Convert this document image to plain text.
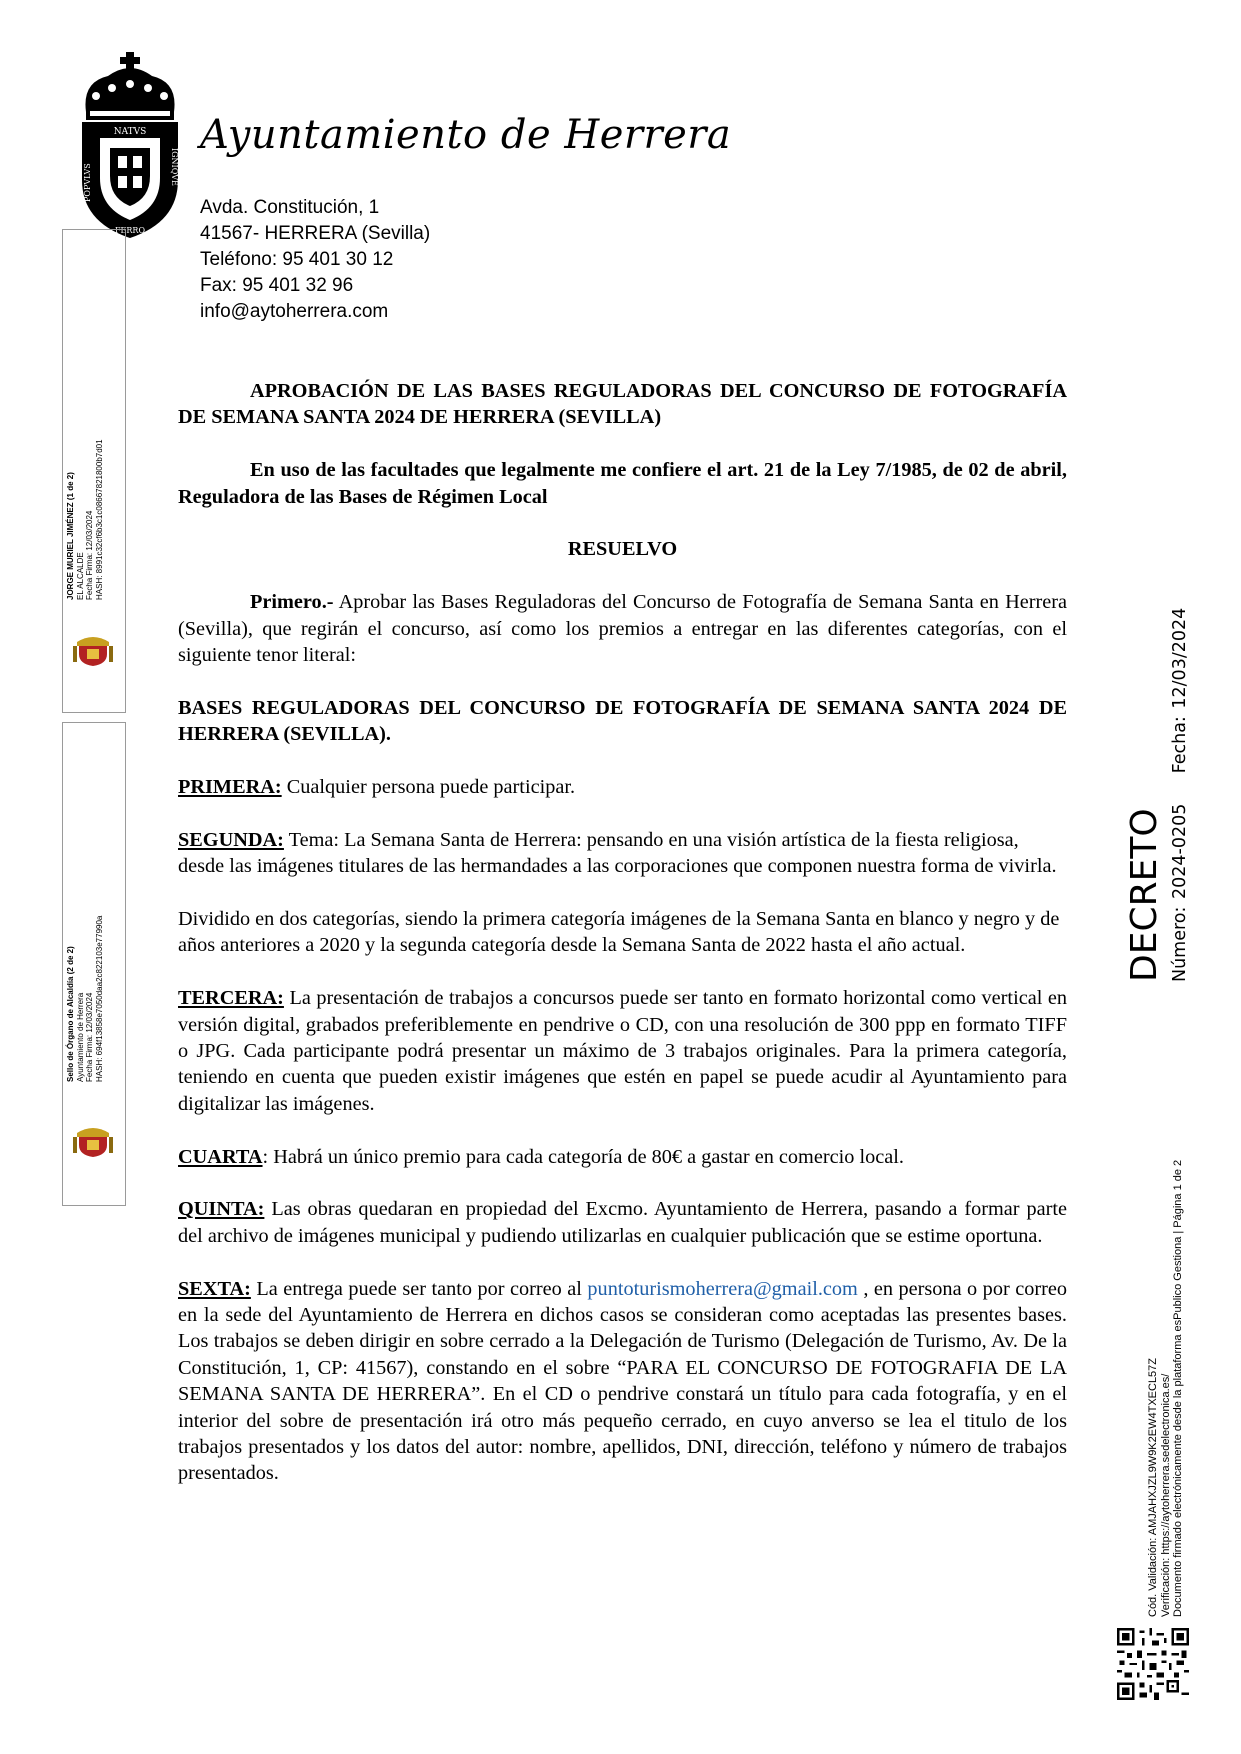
NATVS
IGNIQVE
FERRO
POPVLVS
Ayuntamiento de Herrera
Avda. Constitución, 1
41567- HERRERA (Sevilla)
Teléfono: 95 401 30 12
Fax: 95 401 32 96
info@aytoherrera.com

APROBACIÓN DE LAS BASES REGULADORAS DEL CONCURSO DE FOTOGRAFÍA DE SEMANA SANTA 2024 DE HERRERA (SEVILLA)

En uso de las facultades que legalmente me confiere el art. 21 de la Ley 7/1985, de 02 de abril, Reguladora de las Bases de Régimen Local

RESUELVO

Primero.- Aprobar las Bases Reguladoras del Concurso de Fotografía de Semana Santa en Herrera (Sevilla), que regirán el concurso, así como los premios a entregar en las diferentes categorías, con el siguiente tenor literal:

BASES REGULADORAS DEL CONCURSO DE FOTOGRAFÍA DE SEMANA SANTA 2024 DE HERRERA (SEVILLA).

PRIMERA: Cualquier persona puede participar.

SEGUNDA: Tema: La Semana Santa de Herrera: pensando en una visión artística de la fiesta religiosa, desde las imágenes titulares de las hermandades a las corporaciones que componen nuestra forma de vivirla.

Dividido en dos categorías, siendo la primera categoría imágenes de la Semana Santa en blanco y negro y de años anteriores a 2020 y la segunda categoría desde la Semana Santa de 2022 hasta el año actual.

TERCERA: La presentación de trabajos a concursos puede ser tanto en formato horizontal como vertical en versión digital, grabados preferiblemente en pendrive o CD, con una resolución de 300 ppp en formato TIFF o JPG. Cada participante podrá presentar un máximo de 3 trabajos originales. Para la primera categoría, teniendo en cuenta que pueden existir imágenes que estén en papel se puede acudir al Ayuntamiento para digitalizar las imágenes.

CUARTA: Habrá un único premio para cada categoría de 80€ a gastar en comercio local.

QUINTA: Las obras quedaran en propiedad del Excmo. Ayuntamiento de Herrera, pasando a formar parte del archivo de imágenes municipal y pudiendo utilizarlas en cualquier publicación que se estime oportuna.

SEXTA: La entrega puede ser tanto por correo al puntoturismoherrera@gmail.com , en persona o por correo en la sede del Ayuntamiento de Herrera en dichos casos se consideran como aceptadas las presentes bases. Los trabajos se deben dirigir en sobre cerrado a la Delegación de Turismo (Delegación de Turismo, Av. De la Constitución, 1, CP: 41567), constando en el sobre “PARA EL CONCURSO DE FOTOGRAFIA DE LA SEMANA SANTA DE HERRERA”. En el CD o pendrive constará un título para cada fotografía, y en el interior del sobre de presentación irá otro más pequeño cerrado, en cuyo anverso se lea el titulo de los trabajos presentados y los datos del autor: nombre, apellidos, DNI, dirección, teléfono y número de trabajos presentados.

JORGE MURIEL JIMÉNEZ (1 de 2) EL ALCALDE Fecha Firma: 12/03/2024 HASH: 8991c32cf6b3c1c08667821800b7d01
Sello de Órgano de Alcaldía (2 de 2) Ayuntamiento de Herrera Fecha Firma: 12/03/2024 HASH: 694f13858e7050daa2c822103e77990a
DECRETO Número: 2024-0205    Fecha: 12/03/2024
Cód. Validación: AMJAHXJZL9W9K2EW4TXECL57Z Verificación: https://aytoherrera.sedelectronica.es/ Documento firmado electrónicamente desde la plataforma esPublico Gestiona | Página 1 de 2
